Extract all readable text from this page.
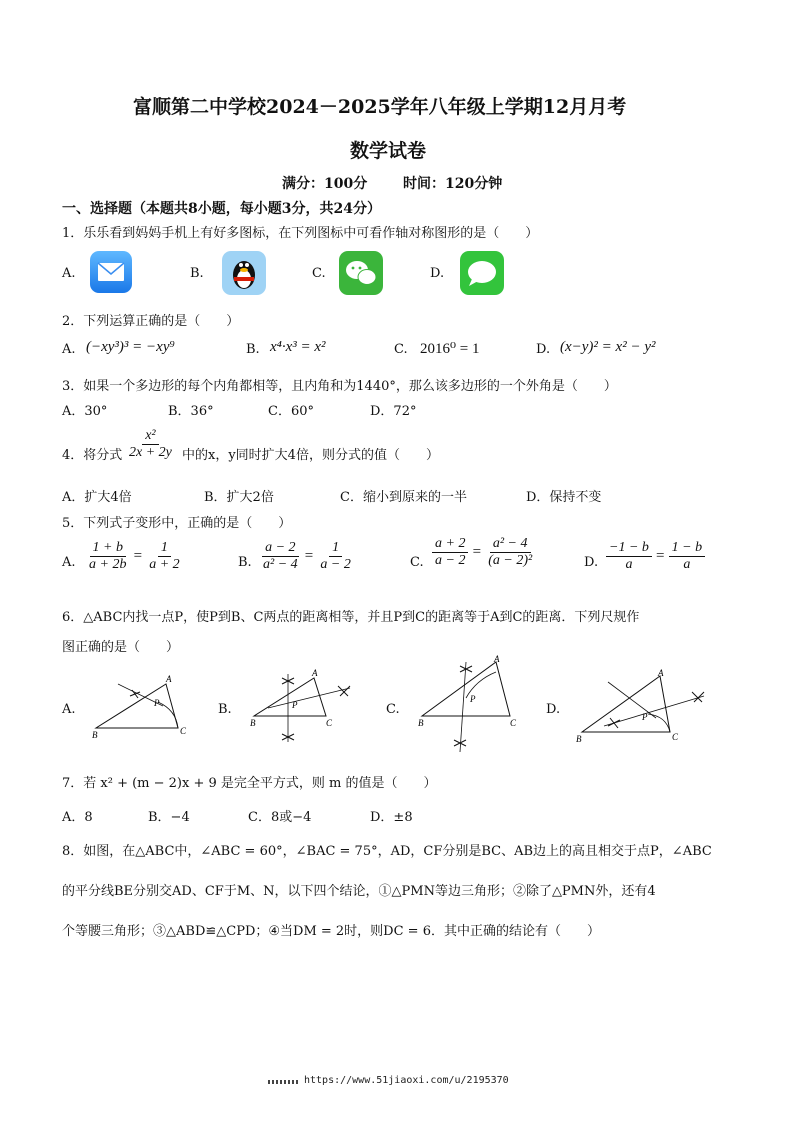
富顺第二中学校2024－2025学年八年级上学期12月月考
数学试卷
满分：100分	时间：120分钟
一、选择题（本题共8小题，每小题3分，共24分）
1．乐乐看到妈妈手机上有好多图标，在下列图标中可看作轴对称图形的是（　　）
A.	B.	C.	D.
2．下列运算正确的是（　　）
A. (−xy³)³ = −xy⁹	B. x⁴·x³ = x²	C. 2016⁰ = 1	D. (x−y)² = x² − y²
3．如果一个多边形的每个内角都相等，且内角和为1440°，那么该多边形的一个外角是（　　）
A．30°	B．36°	C．60°	D．72°
4．将分式 $\frac{\text{x²}}{2x + 2y}$ 中的x，y同时扩大4倍，则分式的值（　　）
A．扩大4倍	B．扩大2倍	C．缩小到原来的一半	D．保持不变
5．下列式子变形中，正确的是（　　）
A. $\frac{1 + b}{a + 2b} = \frac{1}{a + 2}$	B. $\frac{a - 2}{\text{a² − 4}} = \frac{1}{a - 2}$	C. $\frac{a + 2}{a - 2} = \frac{\text{a² − 4}}{\text{(a − 2)²}}$	D. $\frac{-1 - b}{a} = \frac{1 - b}{a}$
6．△ABC内找一点P，使P到B、C两点的距离相等，并且P到C的距离等于A到C的距离．下列尺规作
图正确的是（　　）
A.
B	C
A
P	B.
B	C
A
P	C.
B	C
A
P
D.
B	C
A
P
7．若 x² + (m − 2)x + 9 是完全平方式，则 m 的值是（　　）
A．8	B．−4	C．8或−4	D．±8
8．如图，在△ABC中，∠ABC = 60°，∠BAC = 75°，AD，CF分别是BC、AB边上的高且相交于点P，∠ABC
的平分线BE分别交AD、CF于M、N，以下四个结论，①△PMN等边三角形；②除了△PMN外，还有4
个等腰三角形；③△ABD≌△CPD；④当DM = 2时，则DC = 6．其中正确的结论有（　　）
https://www.51jiaoxi.com/u/2195370
